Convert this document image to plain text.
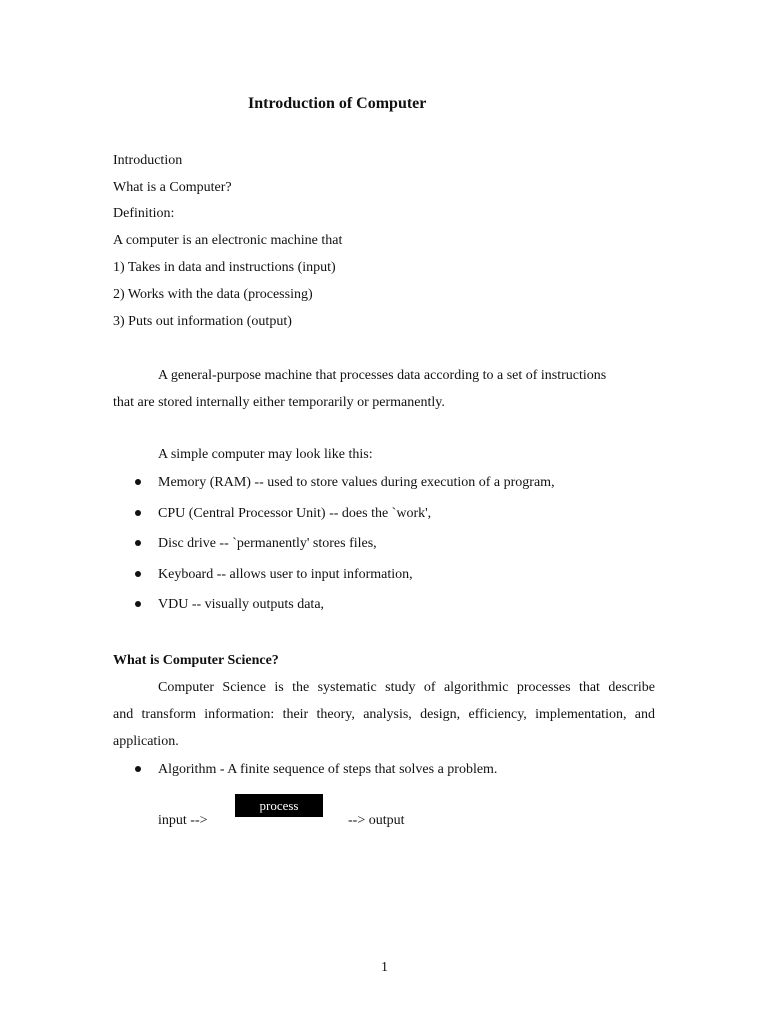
Introduction of Computer
Introduction
What is a Computer?
Definition:
A computer is an electronic machine that
1) Takes in data and instructions (input)
2) Works with the data (processing)
3) Puts out information (output)
A general-purpose machine that processes data according to a set of instructions
that are stored internally either temporarily or permanently.
A simple computer may look like this:
Memory (RAM) -- used to store values during execution of a program,
CPU (Central Processor Unit) -- does the `work',
Disc drive -- `permanently' stores files,
Keyboard -- allows user to input information,
VDU -- visually outputs data,
What is Computer Science?
Computer Science is the systematic study of algorithmic processes that describe
and transform information: their theory, analysis, design, efficiency, implementation, and
application.
Algorithm - A finite sequence of steps that solves a problem.
input -->
process
--> output
1
